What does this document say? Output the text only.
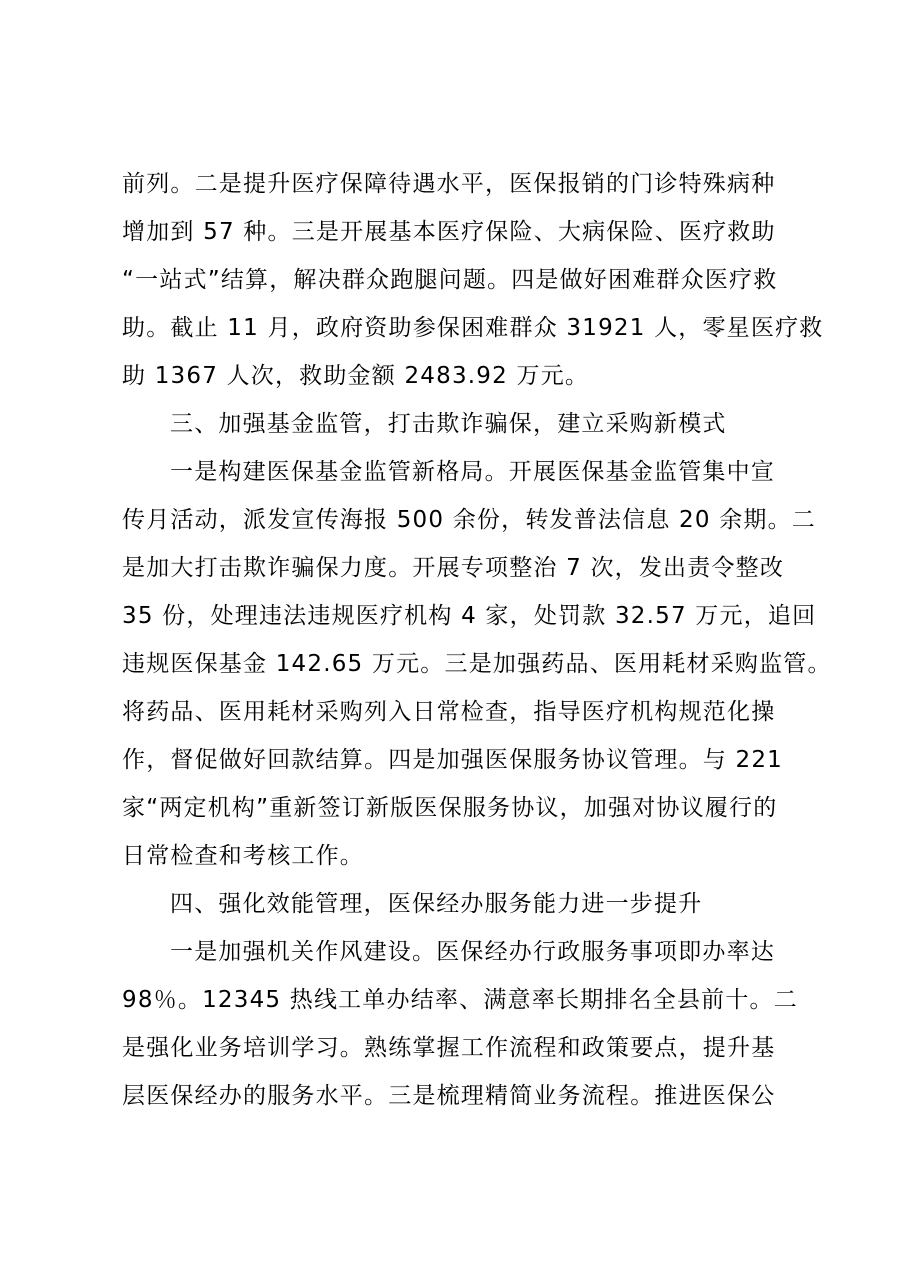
前列。二是提升医疗保障待遇水平，医保报销的门诊特殊病种
增加到 57 种。三是开展基本医疗保险、大病保险、医疗救助
“一站式”结算，解决群众跑腿问题。四是做好困难群众医疗救
助。截止 11 月，政府资助参保困难群众 31921 人，零星医疗救
助 1367 人次，救助金额 2483.92 万元。
三、加强基金监管，打击欺诈骗保，建立采购新模式
一是构建医保基金监管新格局。开展医保基金监管集中宣
传月活动，派发宣传海报 500 余份，转发普法信息 20 余期。二
是加大打击欺诈骗保力度。开展专项整治 7 次，发出责令整改
35 份，处理违法违规医疗机构 4 家，处罚款 32.57 万元，追回
违规医保基金 142.65 万元。三是加强药品、医用耗材采购监管。
将药品、医用耗材采购列入日常检查，指导医疗机构规范化操
作，督促做好回款结算。四是加强医保服务协议管理。与 221
家“两定机构”重新签订新版医保服务协议，加强对协议履行的
日常检查和考核工作。
四、强化效能管理，医保经办服务能力进一步提升
一是加强机关作风建设。医保经办行政服务事项即办率达
98％。12345 热线工单办结率、满意率长期排名全县前十。二
是强化业务培训学习。熟练掌握工作流程和政策要点，提升基
层医保经办的服务水平。三是梳理精简业务流程。推进医保公
